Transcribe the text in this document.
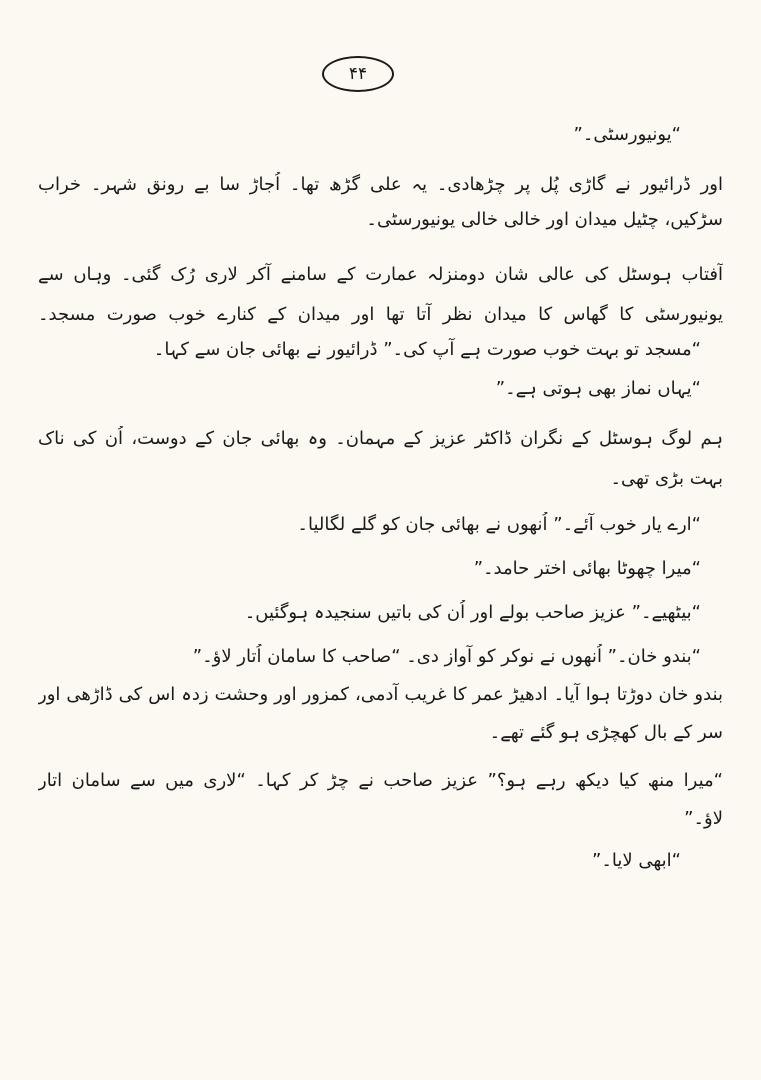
۴۴
“یونیورسٹی۔”
اور ڈرائیور نے گاڑی پُل پر چڑھادی۔ یہ علی گڑھ تھا۔ اُجاڑ سا بے رونق شہر۔ خراب
سڑکیں، چٹیل میدان اور خالی خالی یونیورسٹی۔
آفتاب ہوسٹل کی عالی شان دومنزلہ عمارت کے سامنے آکر لاری رُک گئی۔ وہاں سے
یونیورسٹی کا گھاس کا میدان نظر آتا تھا اور میدان کے کنارے خوب صورت مسجد۔
“مسجد تو بہت خوب صورت ہے آپ کی۔” ڈرائیور نے بھائی جان سے کہا۔
“یہاں نماز بھی ہوتی ہے۔”
ہم لوگ ہوسٹل کے نگران ڈاکٹر عزیز کے مہمان۔ وہ بھائی جان کے دوست، اُن کی ناک
بہت بڑی تھی۔
“ارے یار خوب آئے۔” اُنھوں نے بھائی جان کو گلے لگالیا۔
“میرا چھوٹا بھائی اختر حامد۔”
“بیٹھیے۔” عزیز صاحب بولے اور اُن کی باتیں سنجیدہ ہوگئیں۔
“بندو خان۔” اُنھوں نے نوکر کو آواز دی۔ “صاحب کا سامان اُتار لاؤ۔”
بندو خان دوڑتا ہوا آیا۔ ادھیڑ عمر کا غریب آدمی، کمزور اور وحشت زدہ اس کی ڈاڑھی اور
سر کے بال کھچڑی ہو گئے تھے۔
“میرا منھ کیا دیکھ رہے ہو؟” عزیز صاحب نے چڑ کر کہا۔ “لاری میں سے سامان اتار
لاؤ۔”
“ابھی لایا۔”
